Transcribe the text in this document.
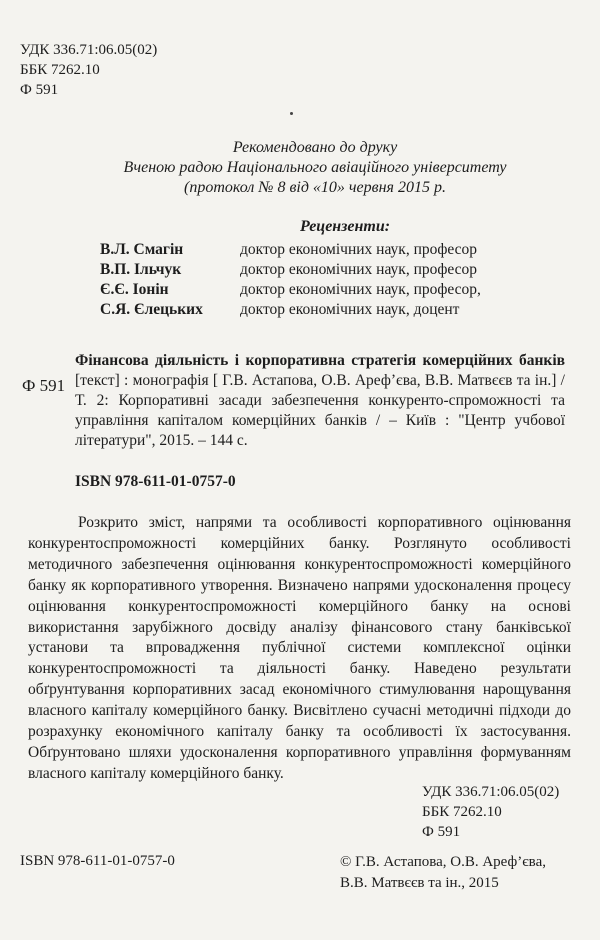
УДК 336.71:06.05(02)
ББК 7262.10
Ф 591
Рекомендовано до друку
Вченою радою Національного авіаційного університету
(протокол № 8 від «10» червня 2015 р.
Рецензенти:
В.Л. Смагін	доктор економічних наук, професор
В.П. Ільчук	доктор економічних наук, професор
Є.Є. Іонін	доктор економічних наук, професор,
С.Я. Єлецьких	доктор економічних наук, доцент
Ф 591
Фінансова діяльність і корпоративна стратегія комерційних банків [текст] : монографія [ Г.В. Астапова, О.В. Ареф’єва, В.В. Матвєєв та ін.] / Т. 2: Корпоративні засади забезпечення конкуренто-спроможності та управління капіталом комерційних банків / – Київ : "Центр учбової літератури", 2015. – 144 с.
ISBN 978-611-01-0757-0

Розкрито зміст, напрями та особливості корпоративного оцінювання конкурентоспроможності комерційних банку. Розглянуто особливості методичного забезпечення оцінювання конкурентоспроможності комерційного банку як корпоративного утворення. Визначено напрями удосконалення процесу оцінювання конкурентоспроможності комерційного банку на основі використання зарубіжного досвіду аналізу фінансового стану банківської установи та впровадження публічної системи комплексної оцінки конкурентоспроможності та діяльності банку. Наведено результати обґрунтування корпоративних засад економічного стимулювання нарощування власного капіталу комерційного банку. Висвітлено сучасні методичні підходи до розрахунку економічного капіталу банку та особливості їх застосування. Обґрунтовано шляхи удосконалення корпоративного управління формуванням власного капіталу комерційного банку.

УДК 336.71:06.05(02)
ББК 7262.10
Ф 591
ISBN 978-611-01-0757-0	© Г.В. Астапова, О.В. Ареф’єва,
В.В. Матвєєв та ін., 2015
